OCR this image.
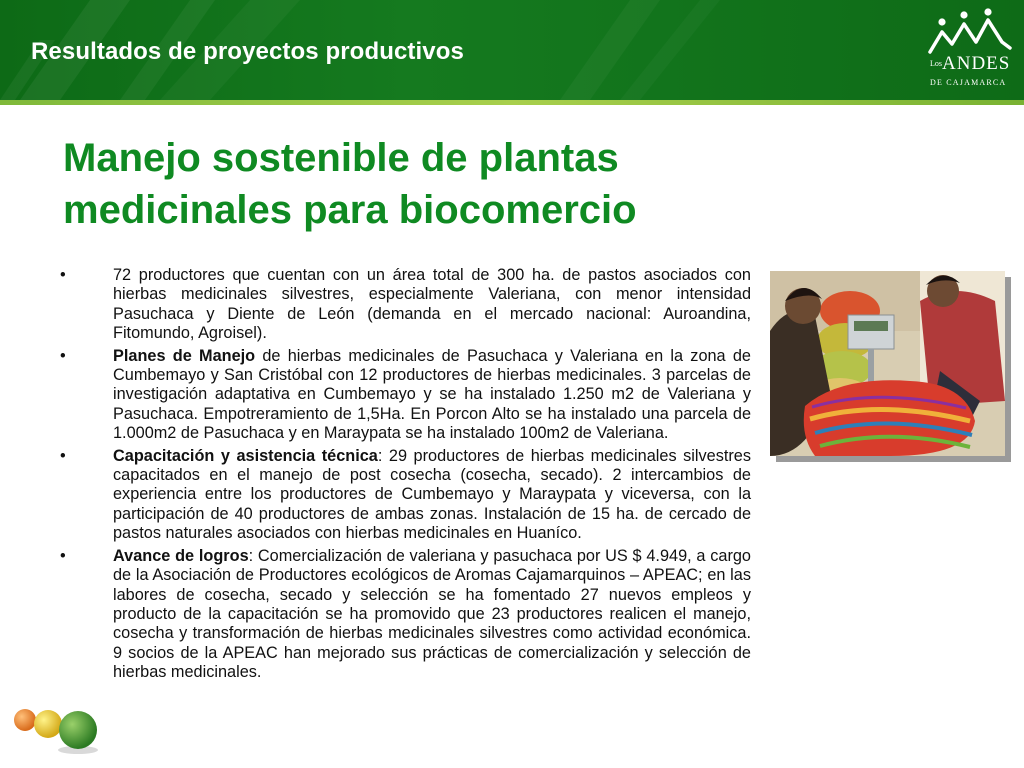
Resultados de proyectos productivos	Los ANDES
DE CAJAMARCA
Manejo sostenible de plantas medicinales para biocomercio
•	72 productores que cuentan con un área total de 300 ha. de pastos asociados con hierbas medicinales silvestres, especialmente Valeriana, con menor intensidad Pasuchaca y Diente de León (demanda en el mercado nacional: Auroandina, Fitomundo, Agroisel).
•	Planes de Manejo de hierbas medicinales de Pasuchaca y Valeriana en la zona de Cumbemayo y San Cristóbal con 12 productores de hierbas medicinales. 3 parcelas de investigación adaptativa en Cumbemayo y se ha instalado 1.250 m2 de Valeriana y Pasuchaca. Empotreramiento de 1,5Ha. En Porcon Alto se ha instalado una parcela de 1.000m2 de Pasuchaca y en Maraypata se ha instalado 100m2 de Valeriana.
•	Capacitación y asistencia técnica: 29 productores de hierbas medicinales silvestres capacitados en el manejo de post cosecha (cosecha, secado). 2 intercambios de experiencia entre los productores de Cumbemayo y Maraypata y viceversa, con la participación de 40 productores de ambas zonas. Instalación de 15 ha. de cercado de pastos naturales asociados con hierbas medicinales en Huaníco.
•	Avance de logros: Comercialización de valeriana y pasuchaca por US $ 4.949, a cargo de la Asociación de Productores ecológicos de Aromas Cajamarquinos – APEAC; en las labores de cosecha, secado y selección se ha fomentado 27 nuevos empleos y producto de la capacitación se ha promovido que 23 productores realicen el manejo, cosecha y transformación de hierbas medicinales silvestres como actividad económica. 9 socios de la APEAC han mejorado sus prácticas de comercialización y selección de hierbas medicinales.
